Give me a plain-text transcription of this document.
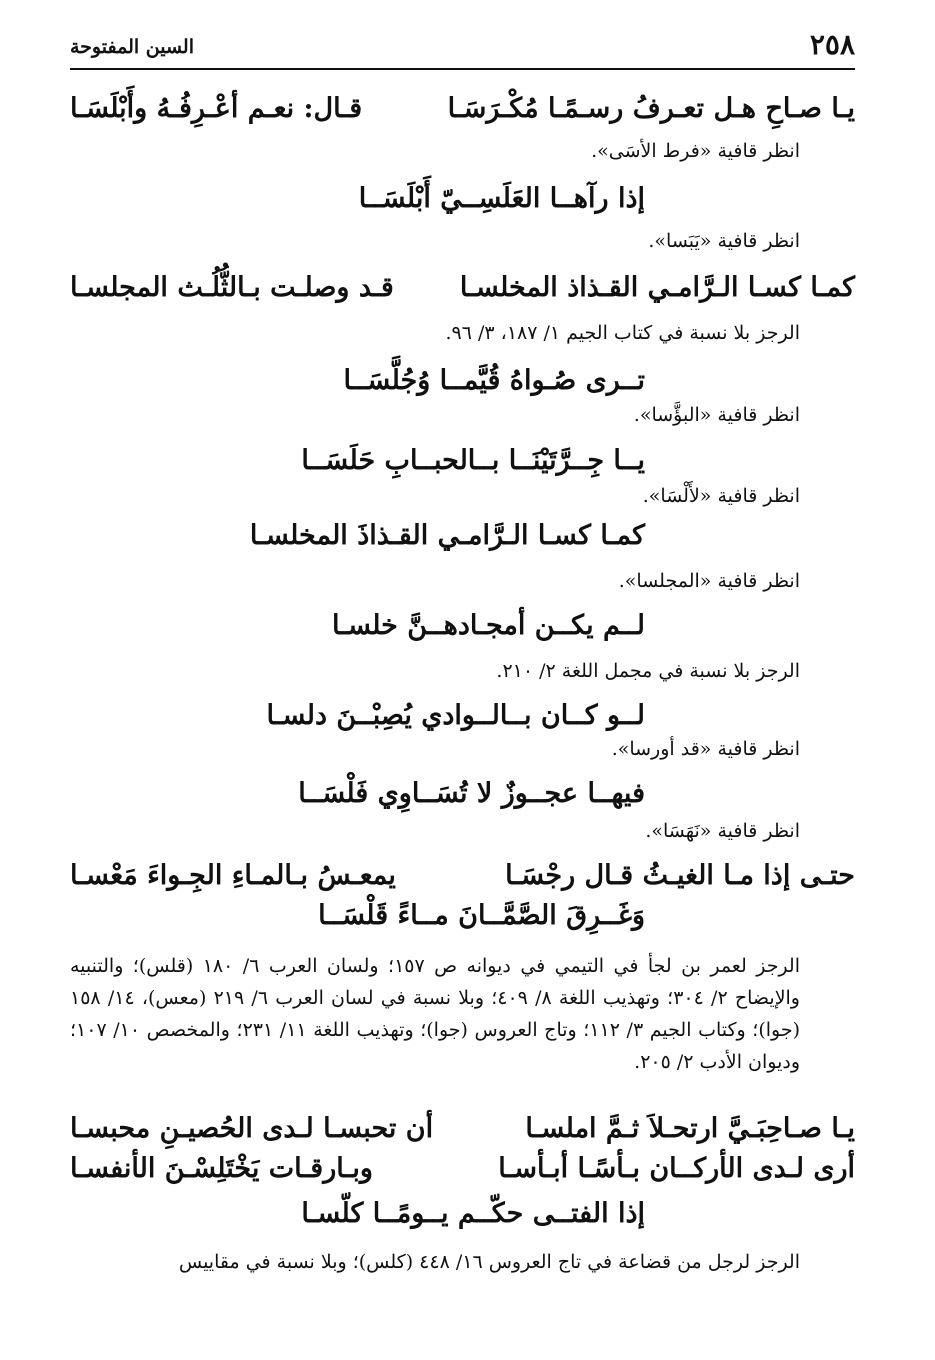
٢٥٨
السين المفتوحة
يـا صـاحِ هـل تعـرفُ رسـمًـا مُكْـرَسَـا
قـال: نعـم أعْـرِفُـهُ وأَبْلَسَـا
انظر قافية «فرط الأسَى».
إذا رآهــا العَلَسِــيّ أَبْلَسَــا
انظر قافية «يَبَسا».
كمـا كسـا الـرَّامـي القـذاذ المخلسـا
قـد وصلـت بـالثُّلُـث المجلسـا
الرجز بلا نسبة في كتاب الجيم ١/ ١٨٧، ٣/ ٩٦.
تــرى صُـواهُ قُيَّمــا وُجُلَّسَــا
انظر قافية «البؤَّسا».
يــا جِــرَّتَيْنَــا بــالحبــابِ حَلَسَــا
انظر قافية «لأَلْسَا».
كمـا كسـا الـرَّامـي القـذاذَ المخلسـا
انظر قافية «المجلسا».
لــم يكــن أمجـادهــنَّ خلسـا
الرجز بلا نسبة في مجمل اللغة ٢/ ٢١٠.
لــو كــان بــالــوادي يُصِبْــنَ دلسـا
انظر قافية «قد أورسا».
فيهــا عجــوزٌ لا تُسَــاوِي فَلْسَــا
انظر قافية «نَهَسَا».
حتـى إذا مـا الغيـثُ قـال رجْسَـا
يمعـسُ بـالمـاءِ الجِـواءَ مَعْسـا
وَغَــرِقَ الصَّمَّــانَ مــاءً قَلْسَــا
الرجز لعمر بن لجأ في التيمي في ديوانه ص ١٥٧؛ ولسان العرب ٦/ ١٨٠ (قلس)؛ والتنبيه والإيضاح ٢/ ٣٠٤؛ وتهذيب اللغة ٨/ ٤٠٩؛ وبلا نسبة في لسان العرب ٦/ ٢١٩ (معس)، ١٤/ ١٥٨ (جوا)؛ وكتاب الجيم ٣/ ١١٢؛ وتاج العروس (جوا)؛ وتهذيب اللغة ١١/ ٢٣١؛ والمخصص ١٠/ ١٠٧؛ وديوان الأدب ٢/ ٢٠٥.
يـا صـاحِبَـيَّ ارتحـلاَ ثـمَّ املسـا
أن تحبسـا لـدى الحُصيـنِ محبسـا
أرى لـدى الأركــان بـأسًـا أبـأسـا
وبـارقـات يَخْتَلِسْـنَ الأنفسـا
إذا الفتــى حكّــم يــومًــا كلّسـا
الرجز لرجل من قضاعة في تاج العروس ١٦/ ٤٤٨ (كلس)؛ وبلا نسبة في مقاييس
